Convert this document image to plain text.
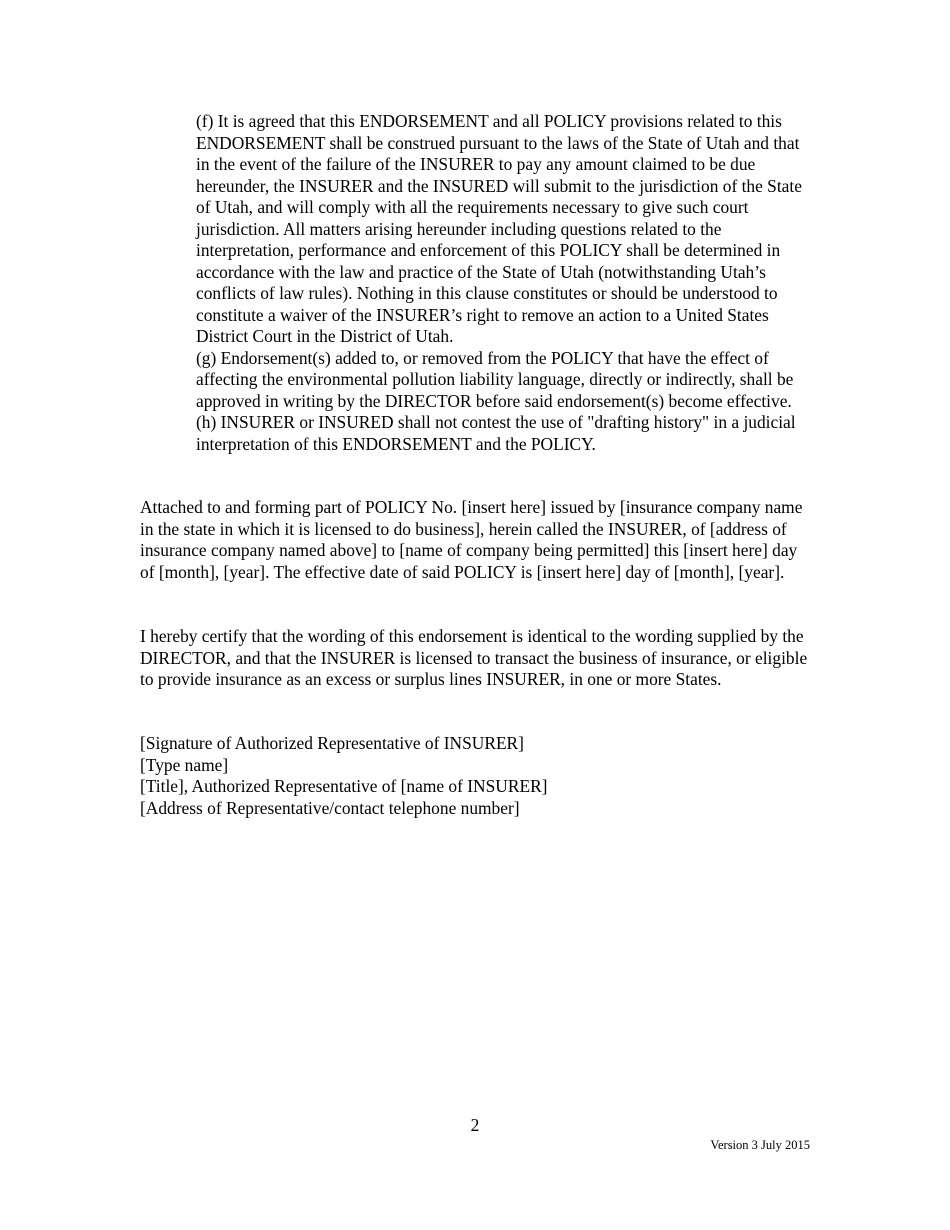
(f) It is agreed that this ENDORSEMENT and all POLICY provisions related to this ENDORSEMENT shall be construed pursuant to the laws of the State of Utah and that in the event of the failure of the INSURER to pay any amount claimed to be due hereunder, the INSURER and the INSURED will submit to the jurisdiction of the State of Utah, and will comply with all the requirements necessary to give such court jurisdiction. All matters arising hereunder including questions related to the interpretation, performance and enforcement of this POLICY shall be determined in accordance with the law and practice of the State of Utah (notwithstanding Utah’s conflicts of law rules). Nothing in this clause constitutes or should be understood to constitute a waiver of the INSURER’s right to remove an action to a United States District Court in the District of Utah.

(g) Endorsement(s) added to, or removed from the POLICY that have the effect of affecting the environmental pollution liability language, directly or indirectly, shall be approved in writing by the DIRECTOR before said endorsement(s) become effective.

(h) INSURER or INSURED shall not contest the use of "drafting history" in a judicial interpretation of this ENDORSEMENT and the POLICY.

Attached to and forming part of POLICY No. [insert here] issued by [insurance company name in the state in which it is licensed to do business], herein called the INSURER, of [address of insurance company named above] to [name of company being permitted] this [insert here] day of [month], [year]. The effective date of said POLICY is [insert here] day of [month], [year].

I hereby certify that the wording of this endorsement is identical to the wording supplied by the DIRECTOR, and that the INSURER is licensed to transact the business of insurance, or eligible to provide insurance as an excess or surplus lines INSURER, in one or more States.

[Signature of Authorized Representative of INSURER]
[Type name]
[Title], Authorized Representative of [name of INSURER]
[Address of Representative/contact telephone number]
2
Version 3 July 2015
